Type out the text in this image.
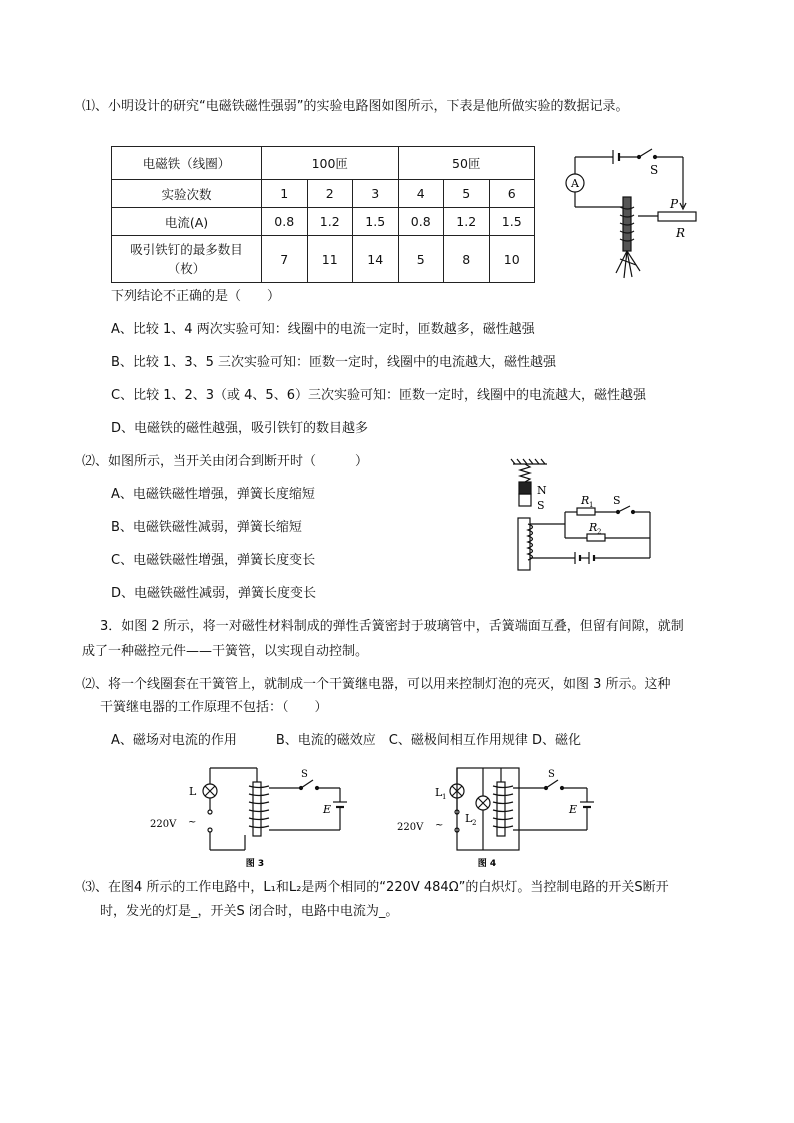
⑴、小明设计的研究“电磁铁磁性强弱”的实验电路图如图所示，下表是他所做实验的数据记录。
电磁铁（线圈）	100匝			50匝		
实验次数	1	2	3	4	5	6
电流(A)	0.8	1.2	1.5	0.8	1.2	1.5

吸引铁钉的最多数目
（枚）	7	11	14	5	8	10
A
S
P
R
下列结论不正确的是（　　）
A、比较 1、4 两次实验可知：线圈中的电流一定时，匝数越多，磁性越强
B、比较 1、3、5 三次实验可知：匝数一定时，线圈中的电流越大，磁性越强
C、比较 1、2、3（或 4、5、6）三次实验可知：匝数一定时，线圈中的电流越大，磁性越强
D、电磁铁的磁性越强，吸引铁钉的数目越多
⑵、如图所示，当开关由闭合到断开时（　　　）
A、电磁铁磁性增强，弹簧长度缩短
B、电磁铁磁性减弱，弹簧长缩短
C、电磁铁磁性增强，弹簧长度变长
D、电磁铁磁性减弱，弹簧长度变长
N
S	R 1 S
R 2
3．如图 2 所示，将一对磁性材料制成的弹性舌簧密封于玻璃管中，舌簧端面互叠，但留有间隙，就制
成了一种磁控元件——干簧管，以实现自动控制。
⑵、将一个线圈套在干簧管上，就制成一个干簧继电器，可以用来控制灯泡的亮灭，如图 3 所示。这种
干簧继电器的工作原理不包括：（　　）
A、磁场对电流的作用　　　B、电流的磁效应　C、磁极间相互作用规律 D、磁化
L
220V ~
S
E
图 3
L 1
L 2
220V ~
S
E
图 4
⑶、在图4 所示的工作电路中，L₁和L₂是两个相同的“220V 484Ω”的白炽灯。当控制电路的开关S断开
时，发光的灯是_，开关S 闭合时，电路中电流为_。
